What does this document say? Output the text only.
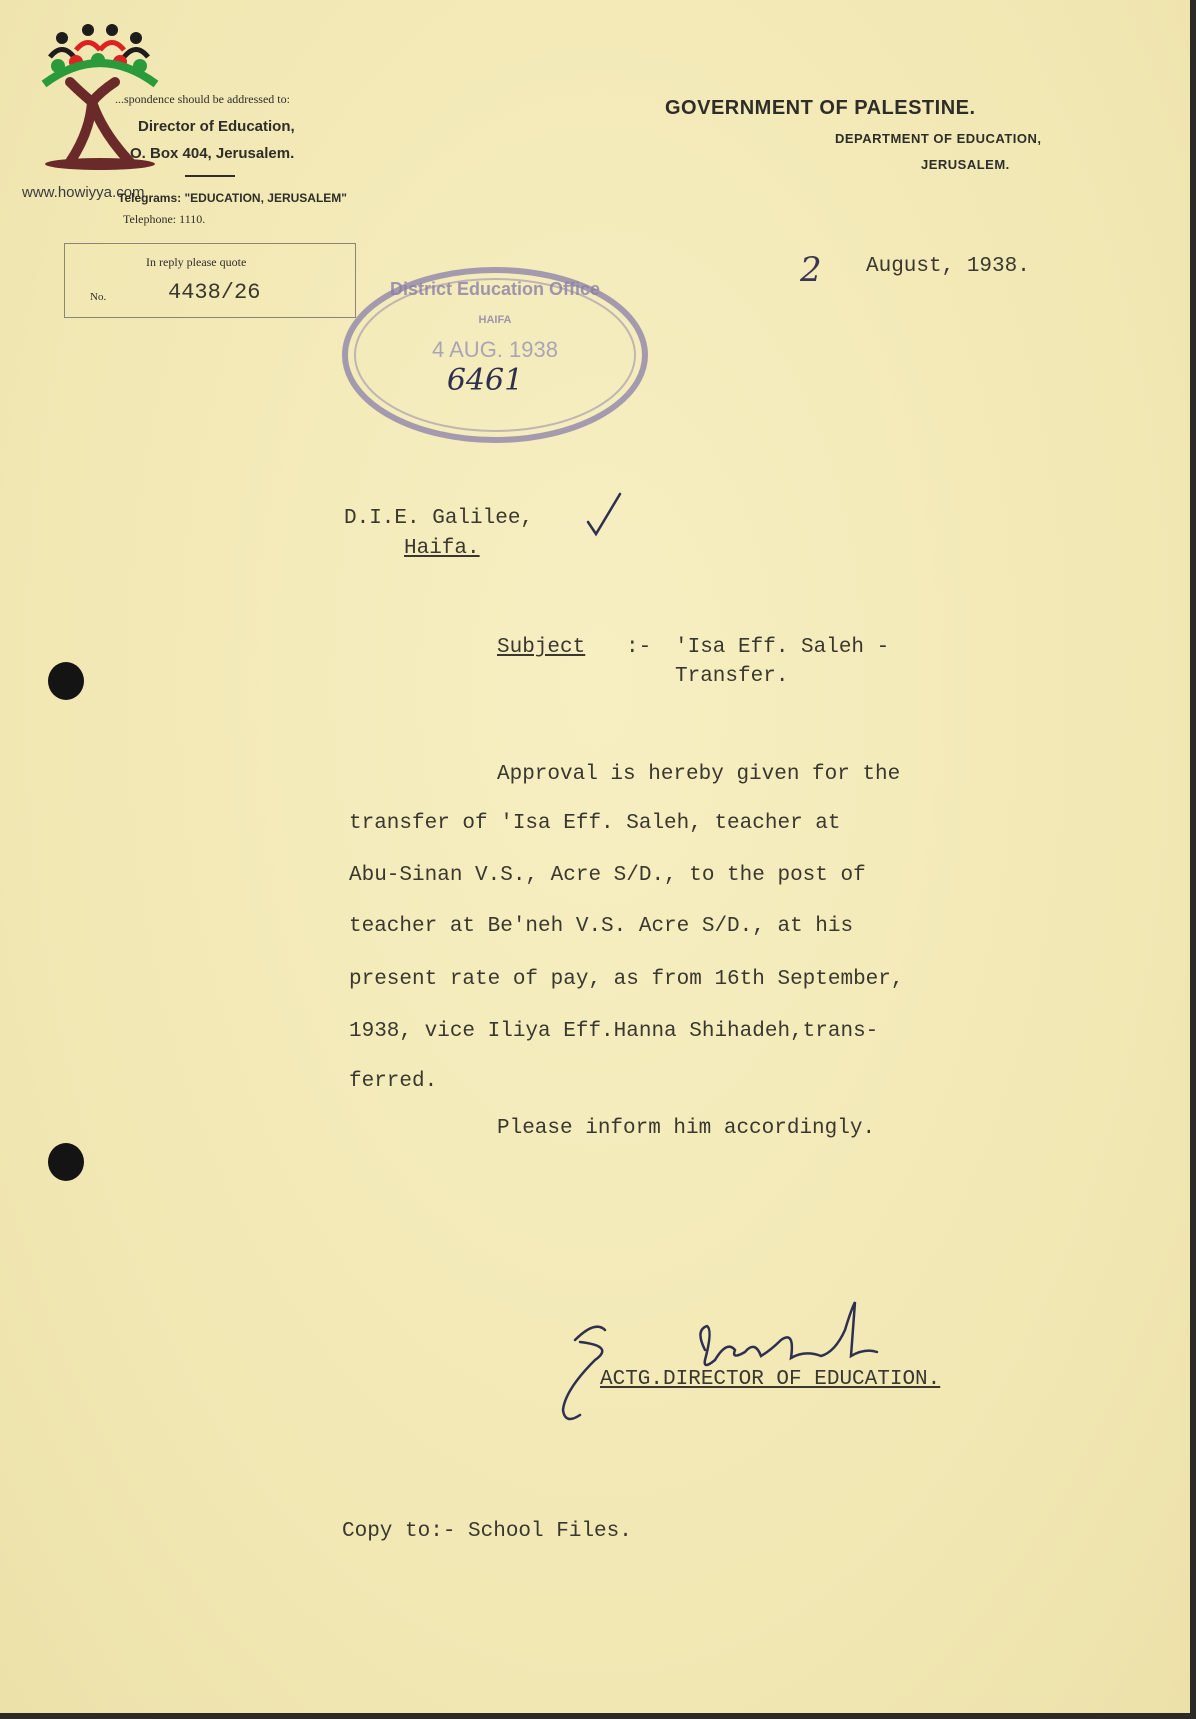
...spondence should be addressed to:
Director of Education,
O. Box 404, Jerusalem.
www.howiyya.com
Telegrams: "EDUCATION, JERUSALEM"
Telephone: 1110.
In reply please quote
No.	4438/26
GOVERNMENT OF PALESTINE.
DEPARTMENT OF EDUCATION,
JERUSALEM.
2 August, 1938.
District Education Office
HAIFA
4 AUG. 1938
6461
D.I.E. Galilee,
Haifa.
Subject :- 'Isa Eff. Saleh -
Transfer.
Approval is hereby given for the
transfer of 'Isa Eff. Saleh, teacher at
Abu-Sinan V.S., Acre S/D., to the post of
teacher at Be'neh V.S. Acre S/D., at his
present rate of pay, as from 16th September,
1938, vice Iliya Eff.Hanna Shihadeh,trans-
ferred.
Please inform him accordingly.
ACTG.DIRECTOR OF EDUCATION.
Copy to:- School Files.
